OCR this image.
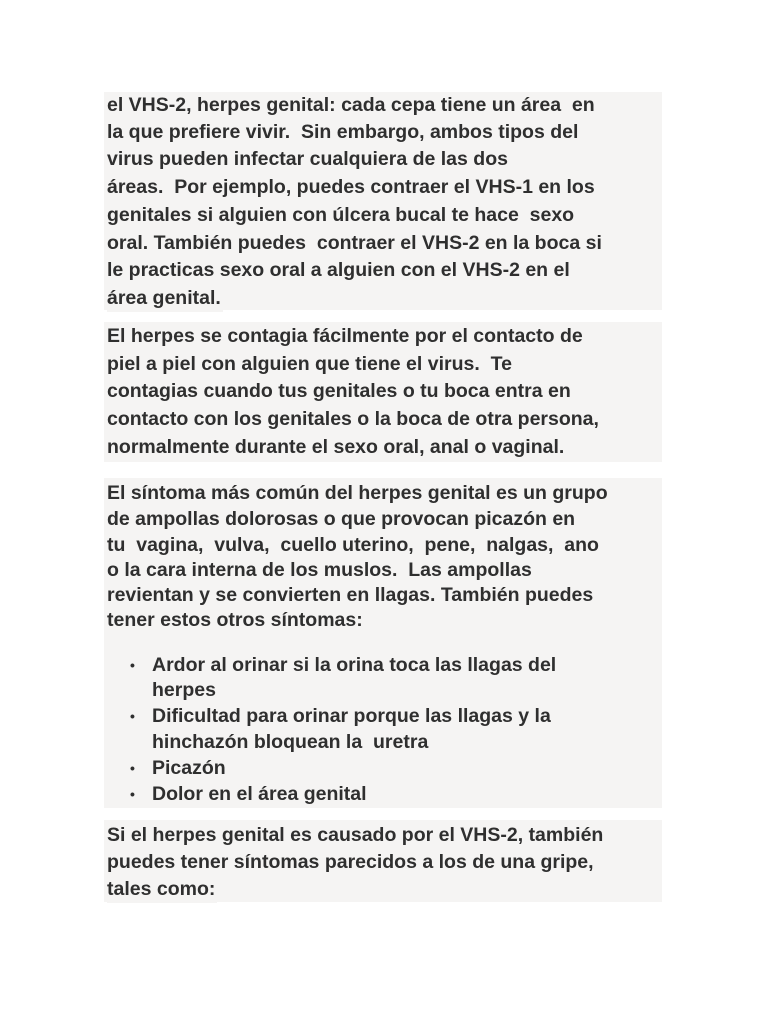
el VHS-2, herpes genital: cada cepa tiene un área  en
la que prefiere vivir.  Sin embargo, ambos tipos del
virus pueden infectar cualquiera de las dos
áreas.  Por ejemplo, puedes contraer el VHS-1 en los
genitales si alguien con úlcera bucal te hace  sexo
oral. También puedes  contraer el VHS-2 en la boca si
le practicas sexo oral a alguien con el VHS-2 en el
área genital.
El herpes se contagia fácilmente por el contacto de
piel a piel con alguien que tiene el virus.  Te
contagias cuando tus genitales o tu boca entra en
contacto con los genitales o la boca de otra persona,
normalmente durante el sexo oral, anal o vaginal.
El síntoma más común del herpes genital es un grupo
de ampollas dolorosas o que provocan picazón en
tu  vagina,  vulva,  cuello uterino,  pene,  nalgas,  ano
o la cara interna de los muslos.  Las ampollas
revientan y se convierten en llagas. También puedes
tener estos otros síntomas:
• Ardor al orinar si la orina toca las llagas del
herpes
• Dificultad para orinar porque las llagas y la
hinchazón bloquean la  uretra
• Picazón
• Dolor en el área genital
Si el herpes genital es causado por el VHS-2, también
puedes tener síntomas parecidos a los de una gripe,
tales como:
